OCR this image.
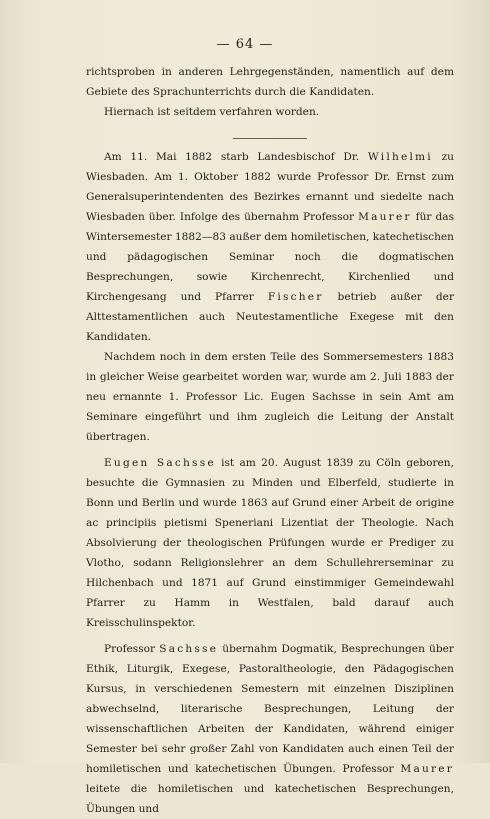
— 64 —

richtsproben in anderen Lehrgegenständen, namentlich auf dem Gebiete des Sprachunterrichts durch die Kandidaten.

Hiernach ist seitdem verfahren worden.

Am 11. Mai 1882 starb Landesbischof Dr. Wilhelmi zu Wiesbaden. Am 1. Oktober 1882 wurde Professor Dr. Ernst zum Generalsuperintendenten des Bezirkes ernannt und siedelte nach Wiesbaden über. Infolge des übernahm Professor Maurer für das Wintersemester 1882—83 außer dem homiletischen, katechetischen und pädagogischen Seminar noch die dogmatischen Besprechungen, sowie Kirchenrecht, Kirchenlied und Kirchengesang und Pfarrer Fischer betrieb außer der Alttestamentlichen auch Neutestamentliche Exegese mit den Kandidaten.

Nachdem noch in dem ersten Teile des Sommersemesters 1883 in gleicher Weise gearbeitet worden war, wurde am 2. Juli 1883 der neu ernannte 1. Professor Lic. Eugen Sachsse in sein Amt am Seminare eingeführt und ihm zugleich die Leitung der Anstalt übertragen.

Eugen Sachsse ist am 20. August 1839 zu Cöln geboren, besuchte die Gymnasien zu Minden und Elberfeld, studierte in Bonn und Berlin und wurde 1863 auf Grund einer Arbeit de origine ac principiis pietismi Speneriani Lizentiat der Theologie. Nach Absolvierung der theologischen Prüfungen wurde er Prediger zu Vlotho, sodann Religionslehrer an dem Schullehrerseminar zu Hilchenbach und 1871 auf Grund einstimmiger Gemeindewahl Pfarrer zu Hamm in Westfalen, bald darauf auch Kreisschulinspektor.

Professor Sachsse übernahm Dogmatik, Besprechungen über Ethik, Liturgik, Exegese, Pastoraltheologie, den Pädagogischen Kursus, in verschiedenen Semestern mit einzelnen Disziplinen abwechselnd, literarische Besprechungen, Leitung der wissenschaftlichen Arbeiten der Kandidaten, während einiger Semester bei sehr großer Zahl von Kandidaten auch einen Teil der homiletischen und katechetischen Übungen. Professor Maurer leitete die homiletischen und katechetischen Besprechungen, Übungen und
